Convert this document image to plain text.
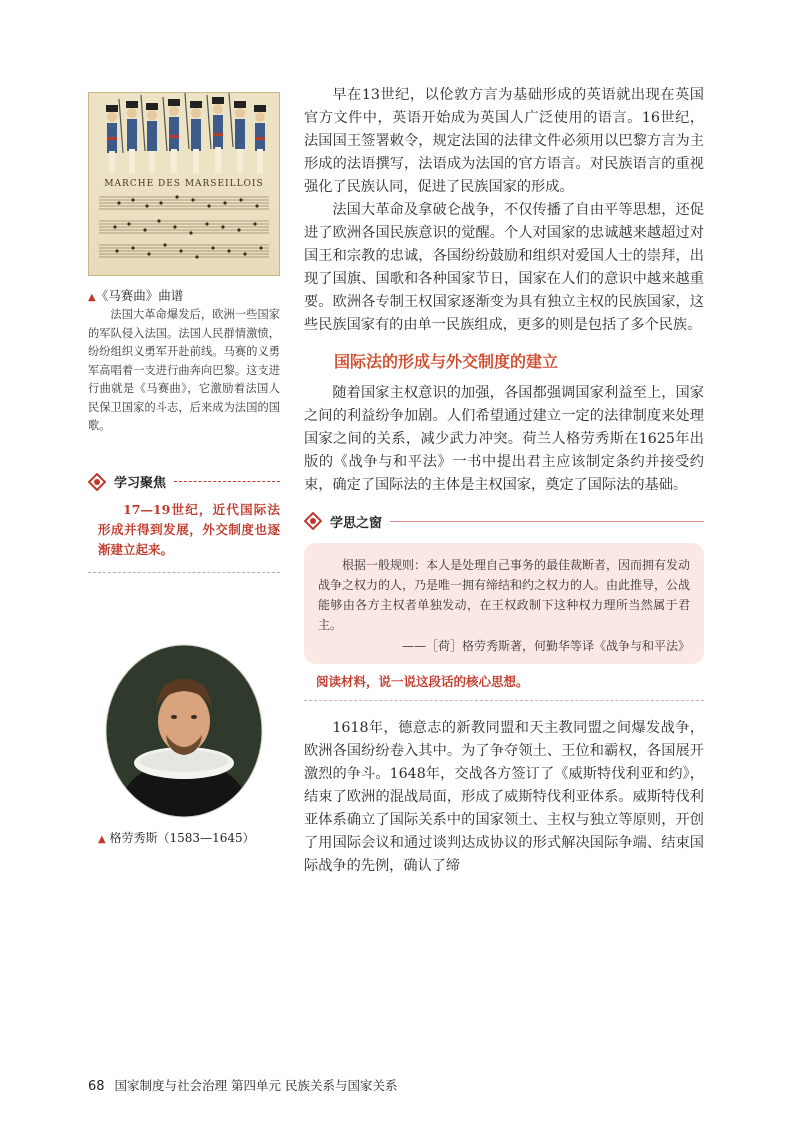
MARCHE DES MARSEILLOIS
▲《马赛曲》曲谱
法国大革命爆发后，欧洲一些国家的军队侵入法国。法国人民群情激愤，纷纷组织义勇军开赴前线。马赛的义勇军高唱着一支进行曲奔向巴黎。这支进行曲就是《马赛曲》，它激励着法国人民保卫国家的斗志，后来成为法国的国歌。
学习聚焦
17—19世纪，近代国际法形成并得到发展，外交制度也逐渐建立起来。
▲ 格劳秀斯（1583—1645）

早在13世纪，以伦敦方言为基础形成的英语就出现在英国官方文件中，英语开始成为英国人广泛使用的语言。16世纪，法国国王签署敕令，规定法国的法律文件必须用以巴黎方言为主形成的法语撰写，法语成为法国的官方语言。对民族语言的重视强化了民族认同，促进了民族国家的形成。

法国大革命及拿破仑战争，不仅传播了自由平等思想，还促进了欧洲各国民族意识的觉醒。个人对国家的忠诚越来越超过对国王和宗教的忠诚，各国纷纷鼓励和组织对爱国人士的崇拜，出现了国旗、国歌和各种国家节日，国家在人们的意识中越来越重要。欧洲各专制王权国家逐渐变为具有独立主权的民族国家，这些民族国家有的由单一民族组成，更多的则是包括了多个民族。

国际法的形成与外交制度的建立

随着国家主权意识的加强，各国都强调国家利益至上，国家之间的利益纷争加剧。人们希望通过建立一定的法律制度来处理国家之间的关系，减少武力冲突。荷兰人格劳秀斯在1625年出版的《战争与和平法》一书中提出君主应该制定条约并接受约束，确定了国际法的主体是主权国家，奠定了国际法的基础。

学思之窗
根据一般规则：本人是处理自己事务的最佳裁断者，因而拥有发动战争之权力的人，乃是唯一拥有缔结和约之权力的人。由此推导，公战能够由各方主权者单独发动，在王权政制下这种权力理所当然属于君主。
——［荷］格劳秀斯著，何勤华等译《战争与和平法》
阅读材料，说一说这段话的核心思想。

1618年，德意志的新教同盟和天主教同盟之间爆发战争，欧洲各国纷纷卷入其中。为了争夺领土、王位和霸权，各国展开激烈的争斗。1648年，交战各方签订了《威斯特伐利亚和约》，结束了欧洲的混战局面，形成了威斯特伐利亚体系。威斯特伐利亚体系确立了国际关系中的国家领土、主权与独立等原则，开创了用国际会议和通过谈判达成协议的形式解决国际争端、结束国际战争的先例，确认了缔

68 国家制度与社会治理 第四单元 民族关系与国家关系
